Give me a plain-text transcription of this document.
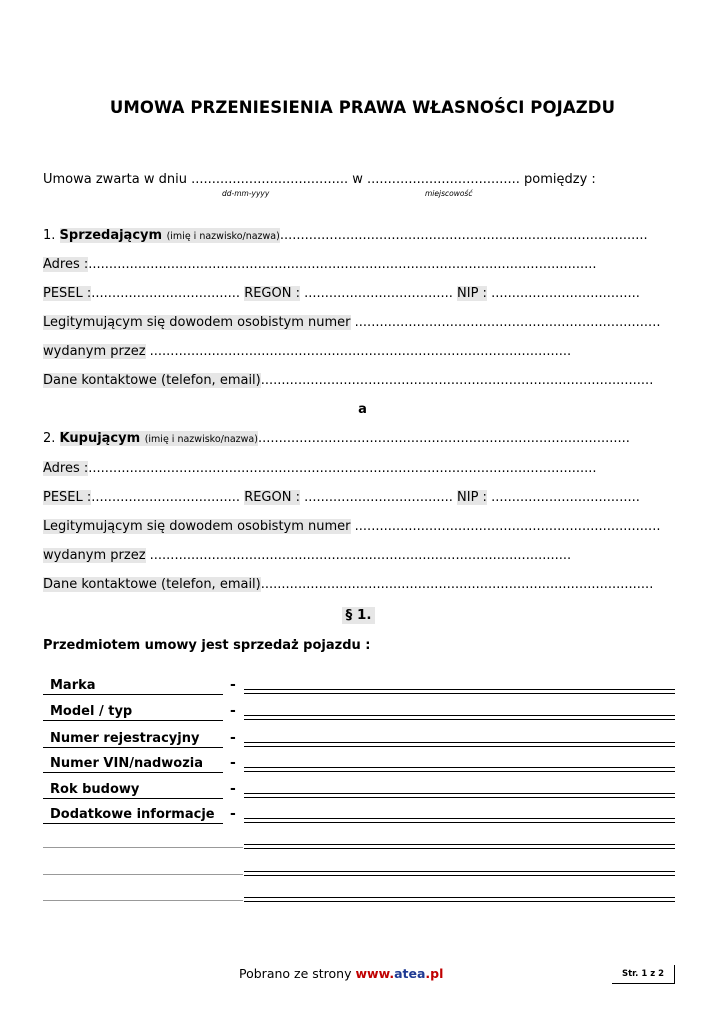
UMOWA PRZENIESIENIA PRAWA WŁASNOŚCI POJAZDU
Umowa zwarta w dniu ...................................... w ..................................... pomiędzy :
dd-mm-yyyy	miejscowość
1. Sprzedającym (imię i nazwisko/nazwa).........................................................................................
Adres :...........................................................................................................................
PESEL :.................................... REGON : .................................... NIP : ....................................
Legitymującym się dowodem osobistym numer ..........................................................................
wydanym przez ......................................................................................................
Dane kontaktowe (telefon, email)...............................................................................................
a
2. Kupującym (imię i nazwisko/nazwa)..........................................................................................
Adres :...........................................................................................................................
PESEL :.................................... REGON : .................................... NIP : ....................................
Legitymującym się dowodem osobistym numer ..........................................................................
wydanym przez ......................................................................................................
Dane kontaktowe (telefon, email)...............................................................................................
§ 1.
Przedmiotem umowy jest sprzedaż pojazdu :
Marka	-
Model / typ	-
Numer rejestracyjny	-
Numer VIN/nadwozia	-
Rok budowy	-
Dodatkowe informacje	-
Pobrano ze strony www.atea.pl	Str. 1 z 2
